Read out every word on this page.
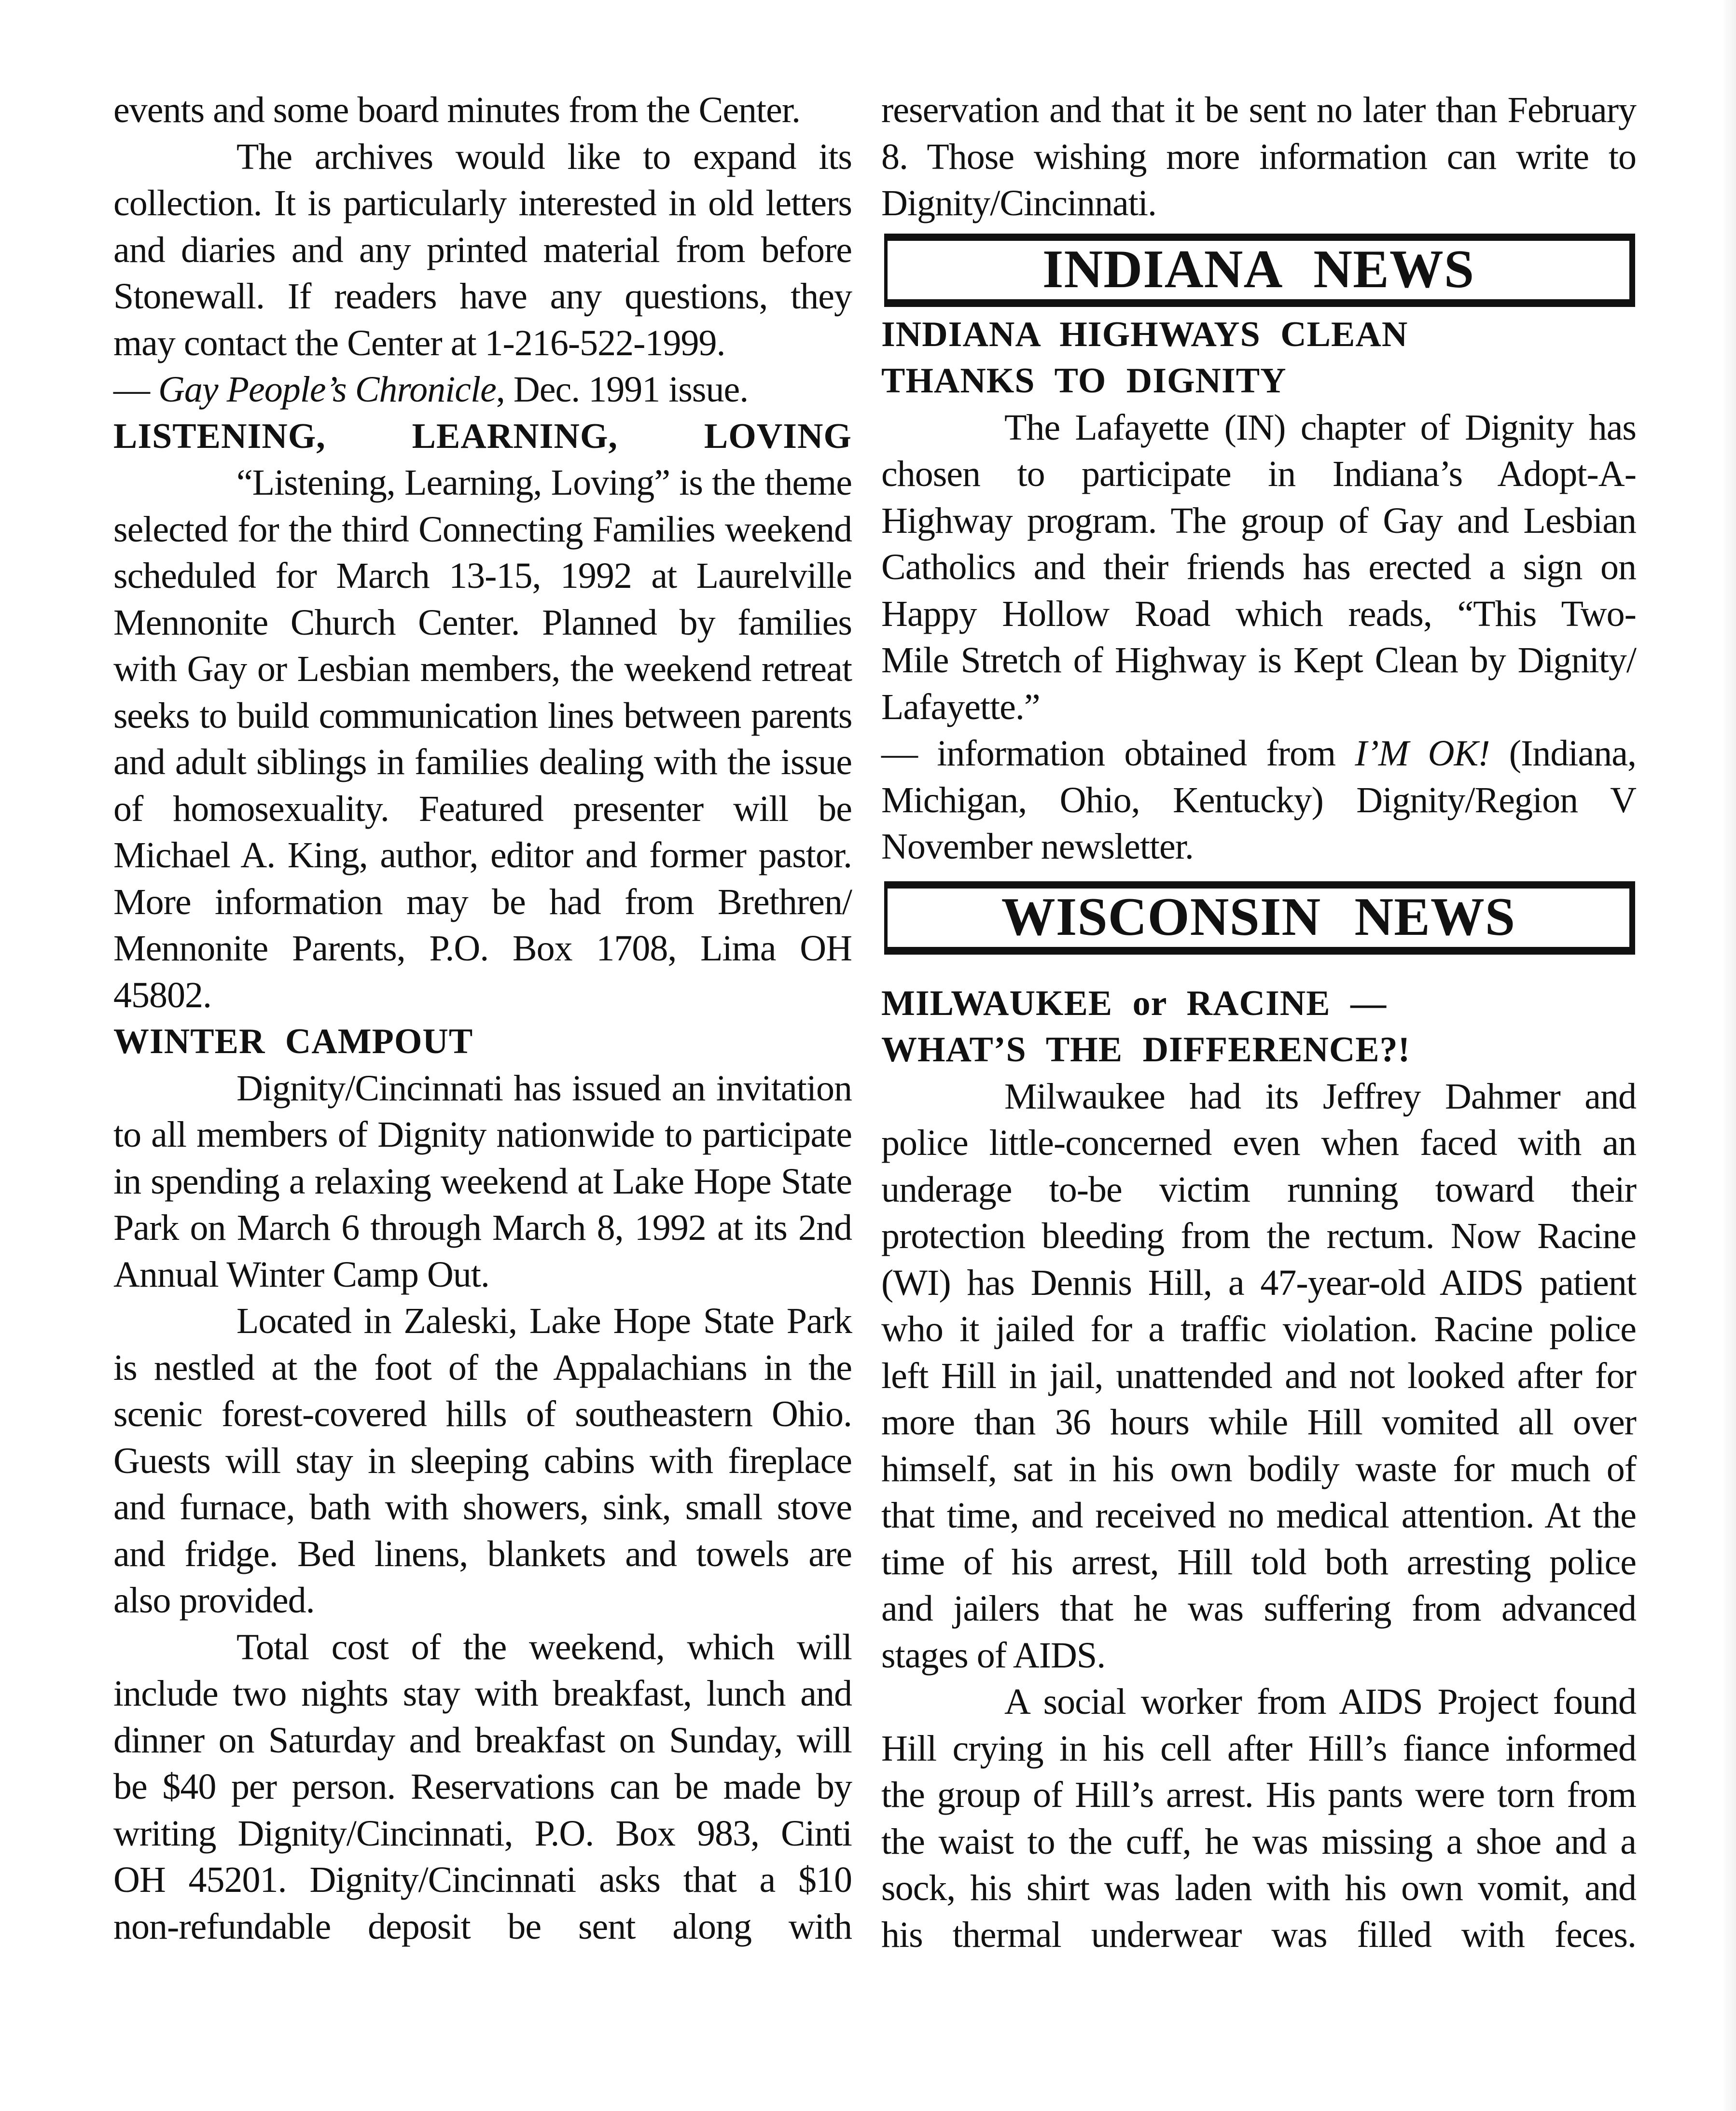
events and some board minutes from the Center.
The archives would like to expand its
collection. It is particularly interested in old letters
and diaries and any printed material from before
Stonewall. If readers have any questions, they
may contact the Center at 1-216-522-1999.
— Gay People’s Chronicle, Dec. 1991 issue.
LISTENING, LEARNING, LOVING
“Listening, Learning, Loving” is the theme
selected for the third Connecting Families weekend
scheduled for March 13-15, 1992 at Laurelville
Mennonite Church Center. Planned by families
with Gay or Lesbian members, the weekend retreat
seeks to build communication lines between parents
and adult siblings in families dealing with the issue
of homosexuality. Featured presenter will be
Michael A. King, author, editor and former pastor.
More information may be had from Brethren/
Mennonite Parents, P.O. Box 1708, Lima OH
45802.
WINTER CAMPOUT
Dignity/Cincinnati has issued an invitation
to all members of Dignity nationwide to participate
in spending a relaxing weekend at Lake Hope State
Park on March 6 through March 8, 1992 at its 2nd
Annual Winter Camp Out.
Located in Zaleski, Lake Hope State Park
is nestled at the foot of the Appalachians in the
scenic forest-covered hills of southeastern Ohio.
Guests will stay in sleeping cabins with fireplace
and furnace, bath with showers, sink, small stove
and fridge. Bed linens, blankets and towels are
also provided.
Total cost of the weekend, which will
include two nights stay with breakfast, lunch and
dinner on Saturday and breakfast on Sunday, will
be $40 per person. Reservations can be made by
writing Dignity/Cincinnati, P.O. Box 983, Cinti
OH 45201. Dignity/Cincinnati asks that a $10
non-refundable deposit be sent along with
reservation and that it be sent no later than February
8. Those wishing more information can write to
Dignity/Cincinnati.
INDIANA NEWS
INDIANA HIGHWAYS CLEAN
THANKS TO DIGNITY
The Lafayette (IN) chapter of Dignity has
chosen to participate in Indiana’s Adopt-A-
Highway program. The group of Gay and Lesbian
Catholics and their friends has erected a sign on
Happy Hollow Road which reads, “This Two-
Mile Stretch of Highway is Kept Clean by Dignity/
Lafayette.”
— information obtained from I’M OK! (Indiana,
Michigan, Ohio, Kentucky) Dignity/Region V
November newsletter.
WISCONSIN NEWS
MILWAUKEE or RACINE —
WHAT’S THE DIFFERENCE?!
Milwaukee had its Jeffrey Dahmer and
police little-concerned even when faced with an
underage to-be victim running toward their
protection bleeding from the rectum. Now Racine
(WI) has Dennis Hill, a 47-year-old AIDS patient
who it jailed for a traffic violation. Racine police
left Hill in jail, unattended and not looked after for
more than 36 hours while Hill vomited all over
himself, sat in his own bodily waste for much of
that time, and received no medical attention. At the
time of his arrest, Hill told both arresting police
and jailers that he was suffering from advanced
stages of AIDS.
A social worker from AIDS Project found
Hill crying in his cell after Hill’s fiance informed
the group of Hill’s arrest. His pants were torn from
the waist to the cuff, he was missing a shoe and a
sock, his shirt was laden with his own vomit, and
his thermal underwear was filled with feces.
